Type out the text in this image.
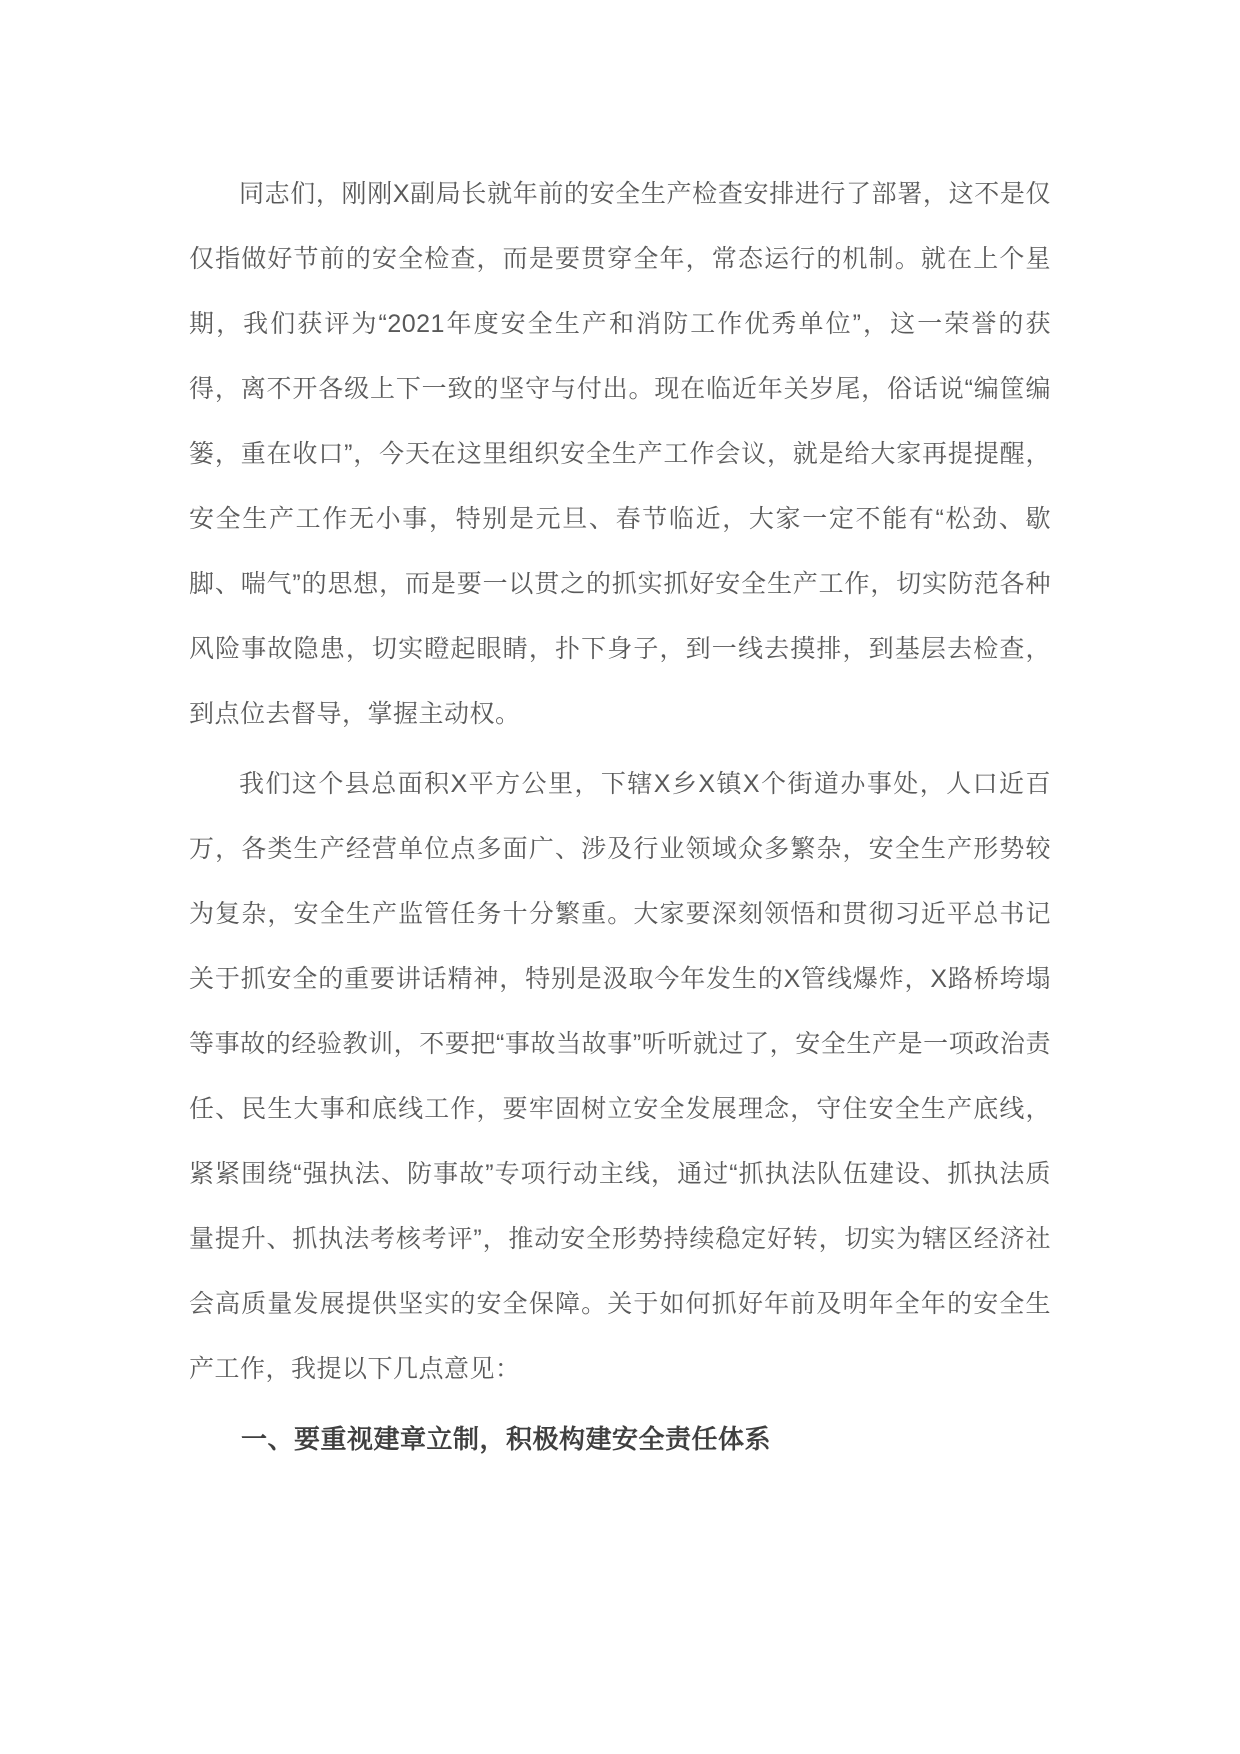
同志们，刚刚X副局长就年前的安全生产检查安排进行了部署，这不是仅仅指做好节前的安全检查，而是要贯穿全年，常态运行的机制。就在上个星期，我们获评为“2021年度安全生产和消防工作优秀单位”，这一荣誉的获得，离不开各级上下一致的坚守与付出。现在临近年关岁尾，俗话说“编筐编篓，重在收口”，今天在这里组织安全生产工作会议，就是给大家再提提醒，安全生产工作无小事，特别是元旦、春节临近，大家一定不能有“松劲、歇脚、喘气”的思想，而是要一以贯之的抓实抓好安全生产工作，切实防范各种风险事故隐患，切实瞪起眼睛，扑下身子，到一线去摸排，到基层去检查，到点位去督导，掌握主动权。

我们这个县总面积X平方公里，下辖X乡X镇X个街道办事处，人口近百万，各类生产经营单位点多面广、涉及行业领域众多繁杂，安全生产形势较为复杂，安全生产监管任务十分繁重。大家要深刻领悟和贯彻习近平总书记关于抓安全的重要讲话精神，特别是汲取今年发生的X管线爆炸，X路桥垮塌等事故的经验教训，不要把“事故当故事”听听就过了，安全生产是一项政治责任、民生大事和底线工作，要牢固树立安全发展理念，守住安全生产底线，紧紧围绕“强执法、防事故”专项行动主线，通过“抓执法队伍建设、抓执法质量提升、抓执法考核考评”，推动安全形势持续稳定好转，切实为辖区经济社会高质量发展提供坚实的安全保障。关于如何抓好年前及明年全年的安全生产工作，我提以下几点意见：

一、要重视建章立制，积极构建安全责任体系
